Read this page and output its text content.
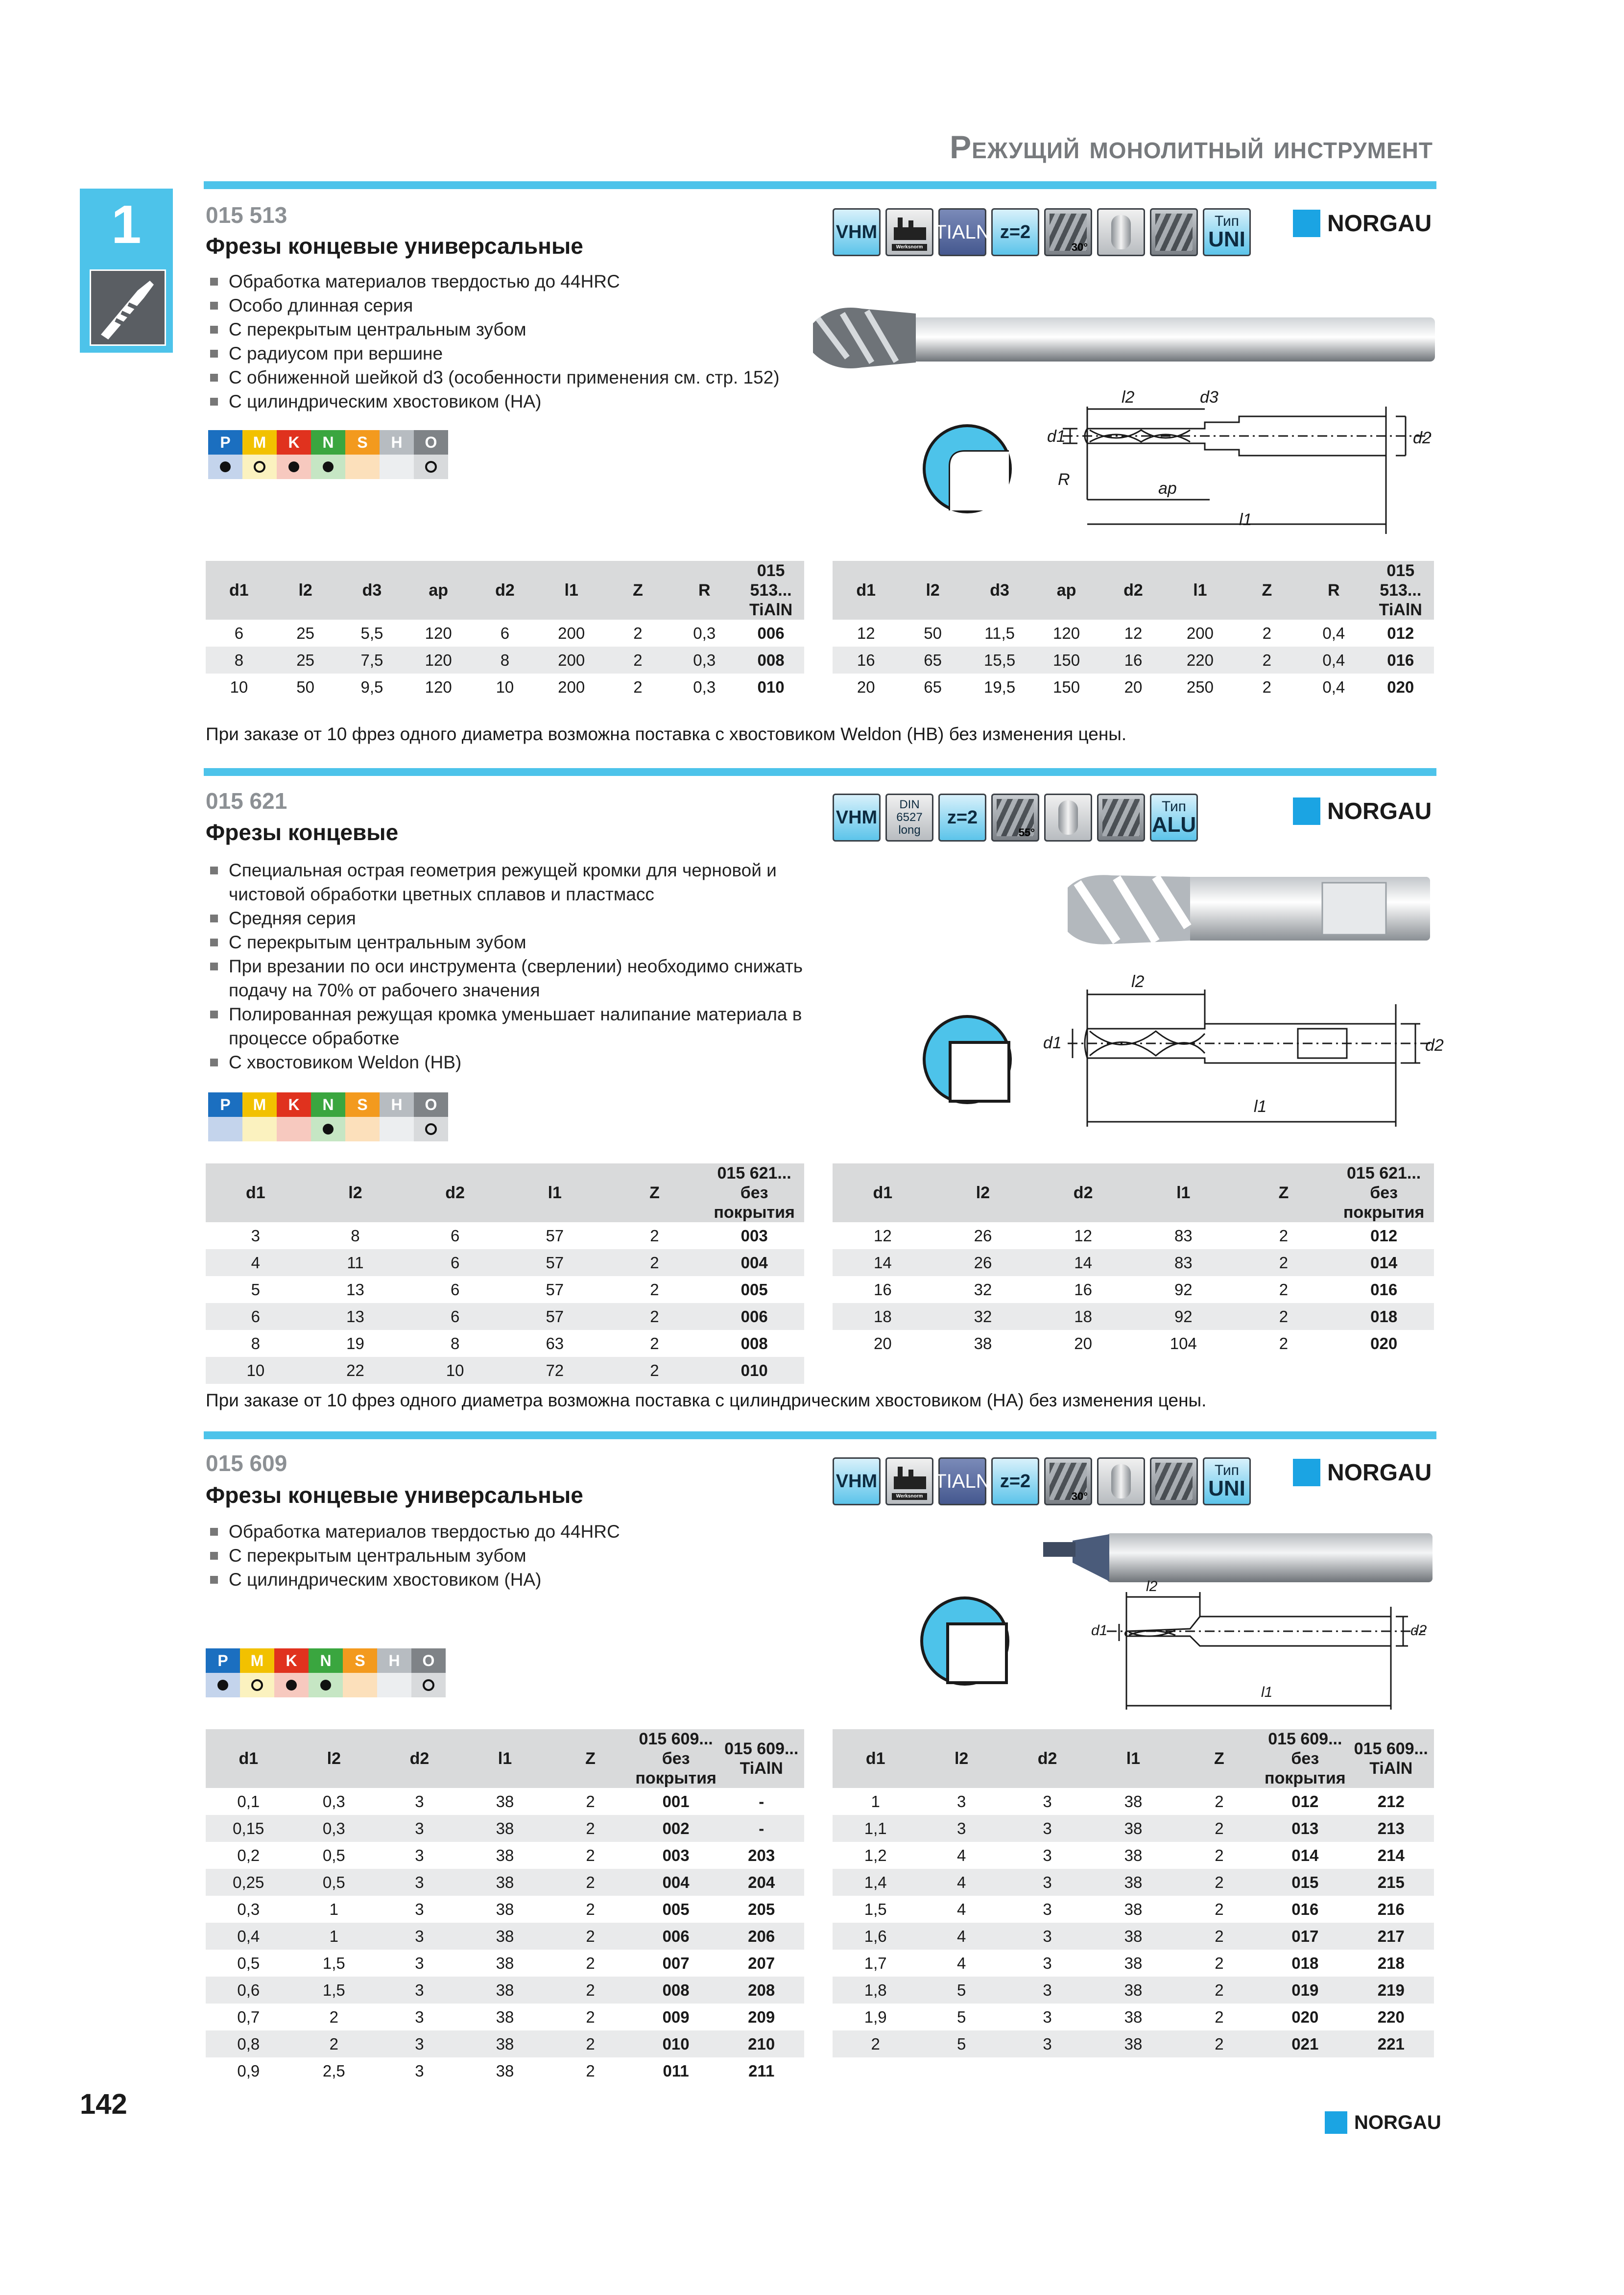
Режущий монолитный инструмент
1	015 513
Фрезы концевые универсальные
VHM
Werksnorm
TIALN z=2
30°
Тип
UNI
NORGAU
Обработка материалов твердостью до 44HRC
Особо длинная серия
С перекрытым центральным зубом
С радиусом при вершине
С обниженной шейкой d3 (особенности применения см. стр. 152)
С цилиндрическим хвостовиком (HA)
P	M	K	N	S	H	O
l2	d3
d1	d2
R	ap
l1
d1	l2	d3	ap	d2	l1	Z	R	015 513...
TiAlN
6	25	5,5	120	6	200	2	0,3	006
8	25	7,5	120	8	200	2	0,3	008
10	50	9,5	120	10	200	2	0,3	010
d1	l2	d3	ap	d2	l1	Z	R	015 513...
TiAlN
12	50	11,5	120	12	200	2	0,4	012
16	65	15,5	150	16	220	2	0,4	016
20	65	19,5	150	20	250	2	0,4	020
При заказе от 10 фрез одного диаметра возможна поставка с хвостовиком Weldon (HB) без изменения цены.
015 621
Фрезы концевые
VHM
DIN 6527
long
z=2
55°
Тип
ALU
NORGAU
Специальная острая геометрия режущей кромки для черновой и чистовой обработки цветных сплавов и пластмасс
Средняя серия
С перекрытым центральным зубом
При врезании по оси инструмента (сверлении) необходимо снижать подачу на 70% от рабочего значения
Полированная режущая кромка уменьшает налипание материала в процессе обработке
С хвостовиком Weldon (HB)
P	M	K	N	S	H	O
l2
d1	d2
l1
d1	l2	d2	l1	Z	015 621...
без покрытия
3	8	6	57	2	003
4	11	6	57	2	004
5	13	6	57	2	005
6	13	6	57	2	006
8	19	8	63	2	008
10	22	10	72	2	010
d1	l2	d2	l1	Z	015 621...
без покрытия
12	26	12	83	2	012
14	26	14	83	2	014
16	32	16	92	2	016
18	32	18	92	2	018
20	38	20	104	2	020
При заказе от 10 фрез одного диаметра возможна поставка с цилиндрическим хвостовиком (HA) без изменения цены.
015 609
Фрезы концевые универсальные
VHM
Werksnorm
TIALN z=2
30°
Тип
UNI
NORGAU
Обработка материалов твердостью до 44HRC
С перекрытым центральным зубом
С цилиндрическим хвостовиком (HA)
P	M	K	N	S	H	O
l2
d1	d2
l1
d1	l2	d2	l1	Z	015 609...
без покрытия	015 609...
TiAlN
0,1	0,3	3	38	2	001	-
0,15	0,3	3	38	2	002	-
0,2	0,5	3	38	2	003	203
0,25	0,5	3	38	2	004	204
0,3	1	3	38	2	005	205
0,4	1	3	38	2	006	206
0,5	1,5	3	38	2	007	207
0,6	1,5	3	38	2	008	208
0,7	2	3	38	2	009	209
0,8	2	3	38	2	010	210
0,9	2,5	3	38	2	011	211
d1	l2	d2	l1	Z	015 609...
без покрытия	015 609...
TiAlN
1	3	3	38	2	012	212
1,1	3	3	38	2	013	213
1,2	4	3	38	2	014	214
1,4	4	3	38	2	015	215
1,5	4	3	38	2	016	216
1,6	4	3	38	2	017	217
1,7	4	3	38	2	018	218
1,8	5	3	38	2	019	219
1,9	5	3	38	2	020	220
2	5	3	38	2	021	221
142
NORGAU
